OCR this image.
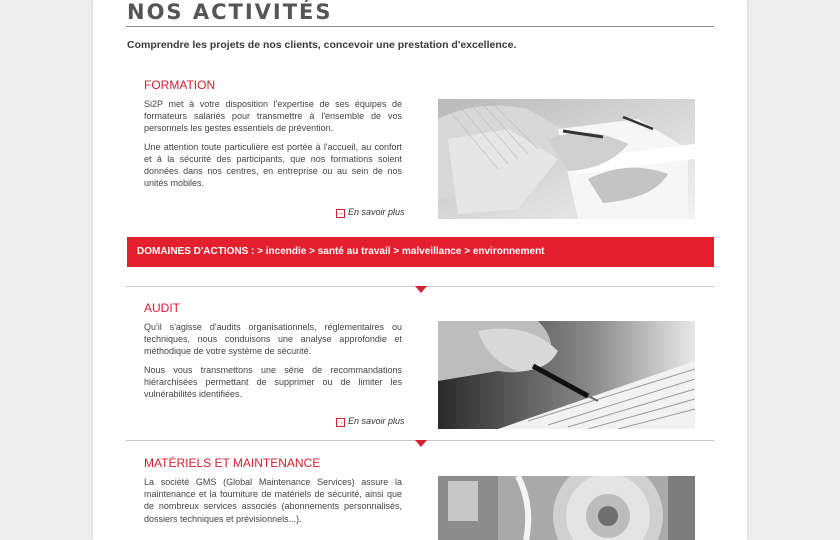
NOS ACTIVITÉS
Comprendre les projets de nos clients, concevoir une prestation d'excellence.
FORMATION

Si2P met à votre disposition l'expertise de ses équipes de formateurs salariés pour transmettre à l'ensemble de vos personnels les gestes essentiels de prévention.

Une attention toute particulière est portée à l'accueil, au confort et à la sécurité des participants, que nos formations soient données dans nos centres, en entreprise ou au sein de nos unités mobiles.

→ En savoir plus
DOMAINES D'ACTIONS : > incendie > santé au travail > malveillance > environnement
AUDIT

Qu'il s'agisse d'audits organisationnels, réglementaires ou techniques, nous conduisons une analyse approfondie et méthodique de votre système de sécurité.

Nous vous transmettons une série de recommandations hiérarchisées permettant de supprimer ou de limiter les vulnérabilités identifiées.

→ En savoir plus
MATÉRIELS ET MAINTENANCE

La société GMS (Global Maintenance Services) assure la maintenance et la fourniture de matériels de sécurité, ainsi que de nombreux services associés (abonnements personnalisés, dossiers techniques et prévisionnels...).
